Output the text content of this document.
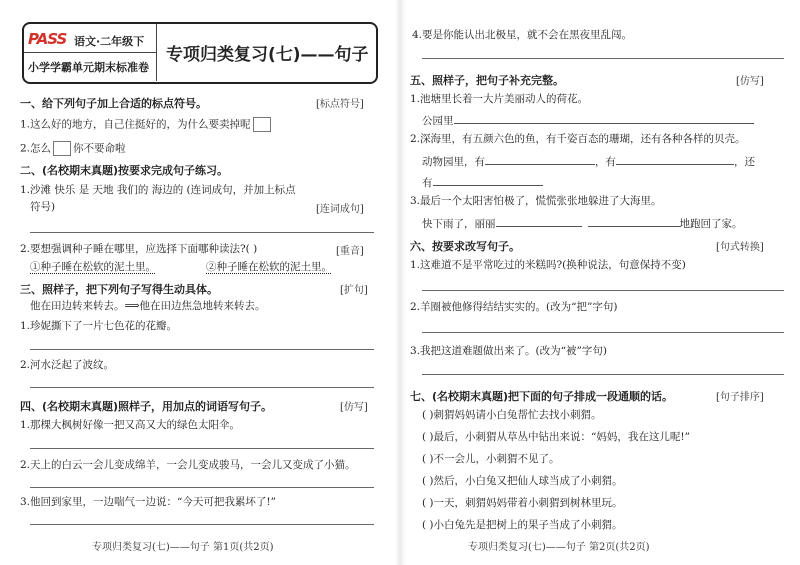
PASS 语文·二年级下
小学学霸单元期末标准卷
专项归类复习(七)——句子
一、给下列句子加上合适的标点符号。	[标点符号]
1.这么好的地方，自己住挺好的，为什么要卖掉呢
2.怎么 你不要命啦
二、(名校期末真题)按要求完成句子练习。
1.沙滩 快乐 是 天地 我们的 海边的 (连词成句，并加上标点
符号)	[连词成句]
2.要想强调种子睡在哪里，应选择下面哪种读法?( )	[重音]
①种子睡在松软的泥土里。	②种子睡在松软的泥土里。
三、照样子，把下列句子写得生动具体。	[扩句]
他在田边转来转去。⟹他在田边焦急地转来转去。
1.珍妮撕下了一片七色花的花瓣。
2.河水泛起了波纹。
四、(名校期末真题)照样子，用加点的词语写句子。	[仿写]
1.那棵大枫树好像一把又高又大的绿色太阳伞。
2.天上的白云一会儿变成绵羊，一会儿变成骏马，一会儿又变成了小猫。
3.他回到家里，一边喘气一边说：“今天可把我累坏了!”
专项归类复习(七)——句子 第1页(共2页)
4.要是你能认出北极星，就不会在黑夜里乱闯。
五、照样子，把句子补充完整。	[仿写]
1.池塘里长着一大片美丽动人的荷花。
公园里
2.深海里，有五颜六色的鱼，有千姿百态的珊瑚，还有各种各样的贝壳。
动物园里，有	，有	，还
有
3.最后一个太阳害怕极了，慌慌张张地躲进了大海里。
快下雨了，丽丽	地跑回了家。
六、按要求改写句子。	[句式转换]
1.这难道不是平常吃过的米糕吗?(换种说法，句意保持不变)
2.羊圈被他修得结结实实的。(改为“把”字句)
3.我把这道难题做出来了。(改为“被”字句)
七、(名校期末真题)把下面的句子排成一段通顺的话。	[句子排序]
( )刺猬妈妈请小白兔帮忙去找小刺猬。
( )最后，小刺猬从草丛中钻出来说：“妈妈，我在这儿呢!”
( )不一会儿，小刺猬不见了。
( )然后，小白兔又把仙人球当成了小刺猬。
( )一天，刺猬妈妈带着小刺猬到树林里玩。
( )小白兔先是把树上的果子当成了小刺猬。
专项归类复习(七)——句子 第2页(共2页)
